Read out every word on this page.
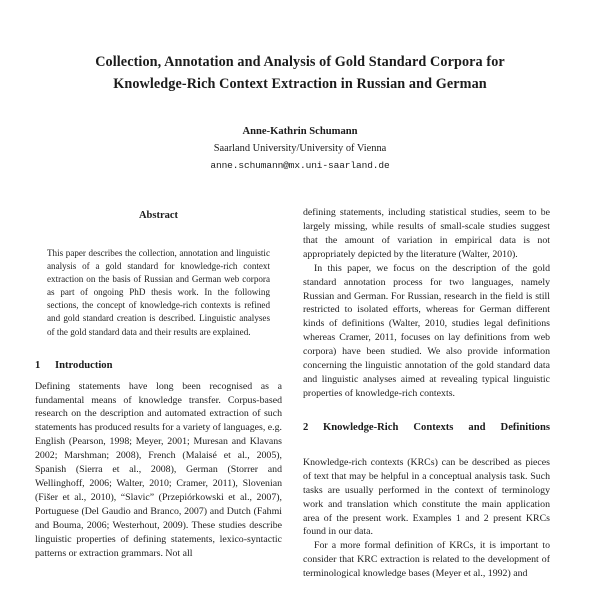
Collection, Annotation and Analysis of Gold Standard Corpora for
Knowledge-Rich Context Extraction in Russian and German
Anne-Kathrin Schumann
Saarland University/University of Vienna
anne.schumann@mx.uni-saarland.de
Abstract

This paper describes the collection, annotation and linguistic analysis of a gold standard for knowledge-rich context extraction on the basis of Russian and German web corpora as part of ongoing PhD thesis work. In the following sections, the concept of knowledge-rich contexts is refined and gold standard creation is described. Linguistic analyses of the gold standard data and their results are explained.

1	Introduction

Defining statements have long been recognised as a fundamental means of knowledge transfer. Corpus-based research on the description and automated extraction of such statements has produced results for a variety of languages, e.g. English (Pearson, 1998; Meyer, 2001; Muresan and Klavans 2002; Marshman; 2008), French (Malaisé et al., 2005), Spanish (Sierra et al., 2008), German (Storrer and Wellinghoff, 2006; Walter, 2010; Cramer, 2011), Slovenian (Fišer et al., 2010), “Slavic” (Przepiórkowski et al., 2007), Portuguese (Del Gaudio and Branco, 2007) and Dutch (Fahmi and Bouma, 2006; Westerhout, 2009). These studies describe linguistic properties of defining statements, lexico-syntactic patterns or extraction grammars. Not all

defining statements, including statistical studies, seem to be largely missing, while results of small-scale studies suggest that the amount of variation in empirical data is not appropriately depicted by the literature (Walter, 2010).

In this paper, we focus on the description of the gold standard annotation process for two languages, namely Russian and German. For Russian, research in the field is still restricted to isolated efforts, whereas for German different kinds of definitions (Walter, 2010, studies legal definitions whereas Cramer, 2011, focuses on lay definitions from web corpora) have been studied. We also provide information concerning the linguistic annotation of the gold standard data and linguistic analyses aimed at revealing typical linguistic properties of knowledge-rich contexts.

2	Knowledge-Rich Contexts and Definitions

Knowledge-rich contexts (KRCs) can be described as pieces of text that may be helpful in a conceptual analysis task. Such tasks are usually performed in the context of terminology work and translation which constitute the main application area of the present work. Examples 1 and 2 present KRCs found in our data.

For a more formal definition of KRCs, it is important to consider that KRC extraction is related to the development of terminological knowledge bases (Meyer et al., 1992) and
